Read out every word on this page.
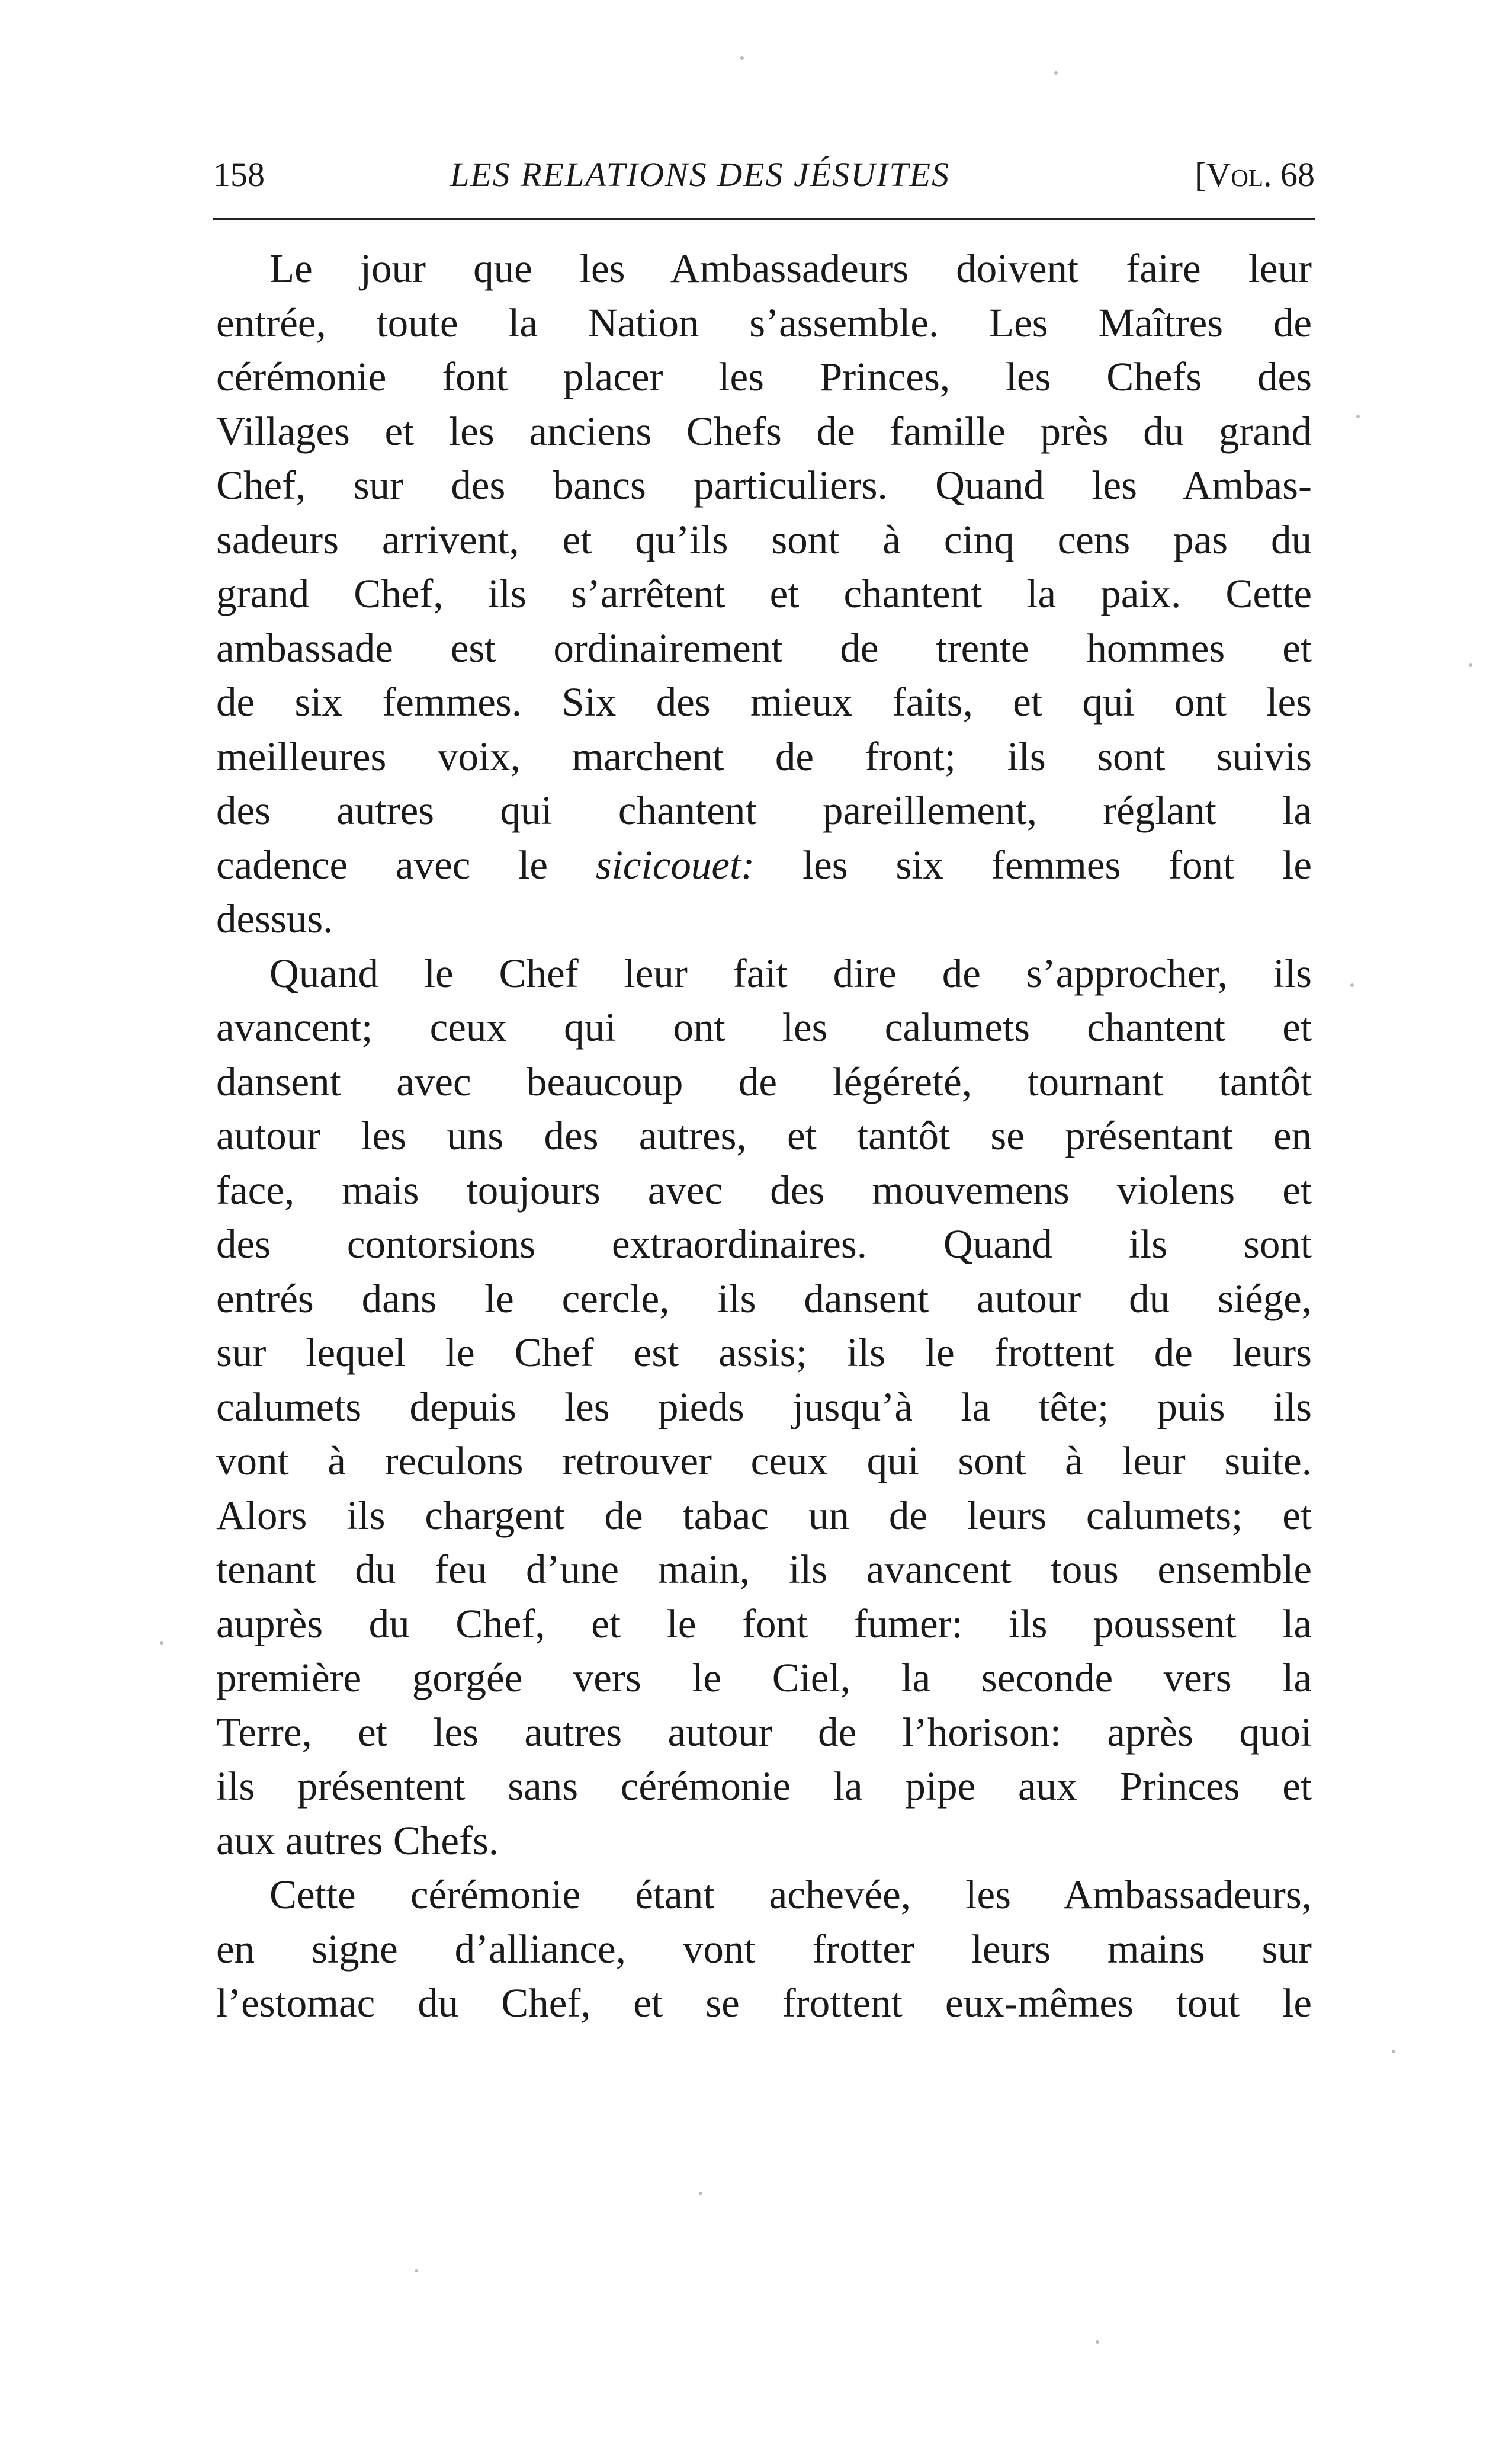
158	LES RELATIONS DES JÉSUITES	[Vol. 68
Le jour que les Ambassadeurs doivent faire leur
entrée, toute la Nation s’assemble. Les Maîtres de
cérémonie font placer les Princes, les Chefs des
Villages et les anciens Chefs de famille près du grand
Chef, sur des bancs particuliers. Quand les Ambas-
sadeurs arrivent, et qu’ils sont à cinq cens pas du
grand Chef, ils s’arrêtent et chantent la paix. Cette
ambassade est ordinairement de trente hommes et
de six femmes. Six des mieux faits, et qui ont les
meilleures voix, marchent de front; ils sont suivis
des autres qui chantent pareillement, réglant la
cadence avec le sicicouet: les six femmes font le
dessus.
Quand le Chef leur fait dire de s’approcher, ils
avancent; ceux qui ont les calumets chantent et
dansent avec beaucoup de légéreté, tournant tantôt
autour les uns des autres, et tantôt se présentant en
face, mais toujours avec des mouvemens violens et
des contorsions extraordinaires. Quand ils sont
entrés dans le cercle, ils dansent autour du siége,
sur lequel le Chef est assis; ils le frottent de leurs
calumets depuis les pieds jusqu’à la tête; puis ils
vont à reculons retrouver ceux qui sont à leur suite.
Alors ils chargent de tabac un de leurs calumets; et
tenant du feu d’une main, ils avancent tous ensemble
auprès du Chef, et le font fumer: ils poussent la
première gorgée vers le Ciel, la seconde vers la
Terre, et les autres autour de l’horison: après quoi
ils présentent sans cérémonie la pipe aux Princes et
aux autres Chefs.
Cette cérémonie étant achevée, les Ambassadeurs,
en signe d’alliance, vont frotter leurs mains sur
l’estomac du Chef, et se frottent eux-mêmes tout le
